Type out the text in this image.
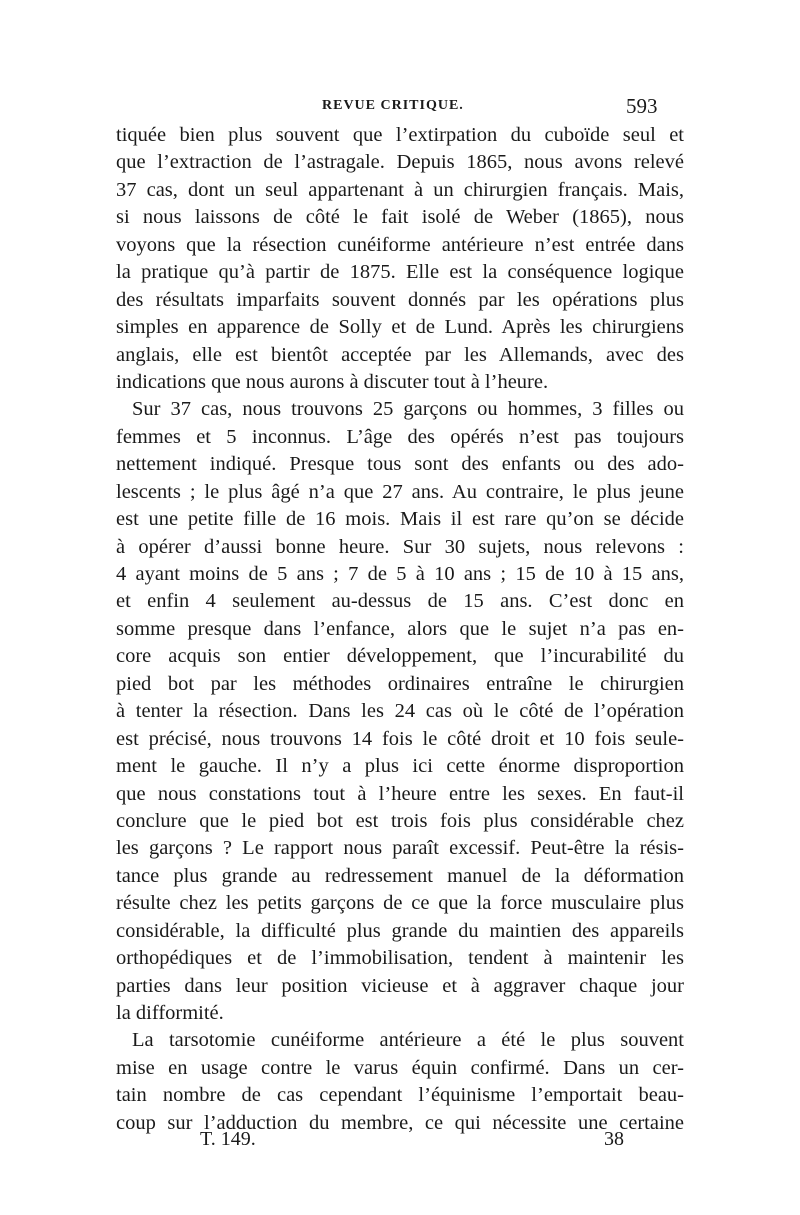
REVUE CRITIQUE.	593
tiquée bien plus souvent que l’extirpation du cuboïde seul et
que l’extraction de l’astragale. Depuis 1865, nous avons relevé
37 cas, dont un seul appartenant à un chirurgien français. Mais,
si nous laissons de côté le fait isolé de Weber (1865), nous
voyons que la résection cunéiforme antérieure n’est entrée dans
la pratique qu’à partir de 1875. Elle est la conséquence logique
des résultats imparfaits souvent donnés par les opérations plus
simples en apparence de Solly et de Lund. Après les chirurgiens
anglais, elle est bientôt acceptée par les Allemands, avec des
indications que nous aurons à discuter tout à l’heure.
Sur 37 cas, nous trouvons 25 garçons ou hommes, 3 filles ou
femmes et 5 inconnus. L’âge des opérés n’est pas toujours
nettement indiqué. Presque tous sont des enfants ou des ado-
lescents ; le plus âgé n’a que 27 ans. Au contraire, le plus jeune
est une petite fille de 16 mois. Mais il est rare qu’on se décide
à opérer d’aussi bonne heure. Sur 30 sujets, nous relevons :
4 ayant moins de 5 ans ; 7 de 5 à 10 ans ; 15 de 10 à 15 ans,
et enfin 4 seulement au-dessus de 15 ans. C’est donc en
somme presque dans l’enfance, alors que le sujet n’a pas en-
core acquis son entier développement, que l’incurabilité du
pied bot par les méthodes ordinaires entraîne le chirurgien
à tenter la résection. Dans les 24 cas où le côté de l’opération
est précisé, nous trouvons 14 fois le côté droit et 10 fois seule-
ment le gauche. Il n’y a plus ici cette énorme disproportion
que nous constations tout à l’heure entre les sexes. En faut-il
conclure que le pied bot est trois fois plus considérable chez
les garçons ? Le rapport nous paraît excessif. Peut-être la résis-
tance plus grande au redressement manuel de la déformation
résulte chez les petits garçons de ce que la force musculaire plus
considérable, la difficulté plus grande du maintien des appareils
orthopédiques et de l’immobilisation, tendent à maintenir les
parties dans leur position vicieuse et à aggraver chaque jour
la difformité.
La tarsotomie cunéiforme antérieure a été le plus souvent
mise en usage contre le varus équin confirmé. Dans un cer-
tain nombre de cas cependant l’équinisme l’emportait beau-
coup sur l’adduction du membre, ce qui nécessite une certaine
T. 149.	38
